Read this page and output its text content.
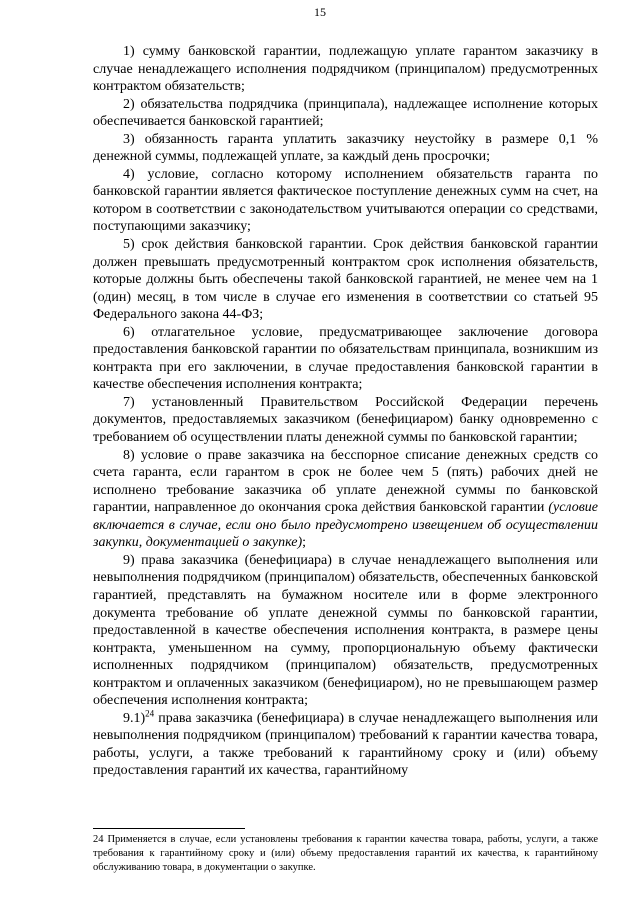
15

1) сумму банковской гарантии, подлежащую уплате гарантом заказчику в случае ненадлежащего исполнения подрядчиком (принципалом) предусмотренных контрактом обязательств;

2) обязательства подрядчика (принципала), надлежащее исполнение которых обеспечивается банковской гарантией;

3) обязанность гаранта уплатить заказчику неустойку в размере 0,1 % денежной суммы, подлежащей уплате, за каждый день просрочки;

4) условие, согласно которому исполнением обязательств гаранта по банковской гарантии является фактическое поступление денежных сумм на счет, на котором в соответствии с законодательством учитываются операции со средствами, поступающими заказчику;

5) срок действия банковской гарантии. Срок действия банковской гарантии должен превышать предусмотренный контрактом срок исполнения обязательств, которые должны быть обеспечены такой банковской гарантией, не менее чем на 1 (один) месяц, в том числе в случае его изменения в соответствии со статьей 95 Федерального закона 44-ФЗ;

6) отлагательное условие, предусматривающее заключение договора предоставления банковской гарантии по обязательствам принципала, возникшим из контракта при его заключении, в случае предоставления банковской гарантии в качестве обеспечения исполнения контракта;

7) установленный Правительством Российской Федерации перечень документов, предоставляемых заказчиком (бенефициаром) банку одновременно с требованием об осуществлении платы денежной суммы по банковской гарантии;

8) условие о праве заказчика на бесспорное списание денежных средств со счета гаранта, если гарантом в срок не более чем 5 (пять) рабочих дней не исполнено требование заказчика об уплате денежной суммы по банковской гарантии, направленное до окончания срока действия банковской гарантии (условие включается в случае, если оно было предусмотрено извещением об осуществлении закупки, документацией о закупке);

9) права заказчика (бенефициара) в случае ненадлежащего выполнения или невыполнения подрядчиком (принципалом) обязательств, обеспеченных банковской гарантией, представлять на бумажном носителе или в форме электронного документа требование об уплате денежной суммы по банковской гарантии, предоставленной в качестве обеспечения исполнения контракта, в размере цены контракта, уменьшенном на сумму, пропорциональную объему фактически исполненных подрядчиком (принципалом) обязательств, предусмотренных контрактом и оплаченных заказчиком (бенефициаром), но не превышающем размер обеспечения исполнения контракта;

9.1)$^{24}$ права заказчика (бенефициара) в случае ненадлежащего выполнения или невыполнения подрядчиком (принципалом) требований к гарантии качества товара, работы, услуги, а также требований к гарантийному сроку и (или) объему предоставления гарантий их качества, гарантийному

24 Применяется в случае, если установлены требования к гарантии качества товара, работы, услуги, а также требования к гарантийному сроку и (или) объему предоставления гарантий их качества, к гарантийному обслуживанию товара, в документации о закупке.
